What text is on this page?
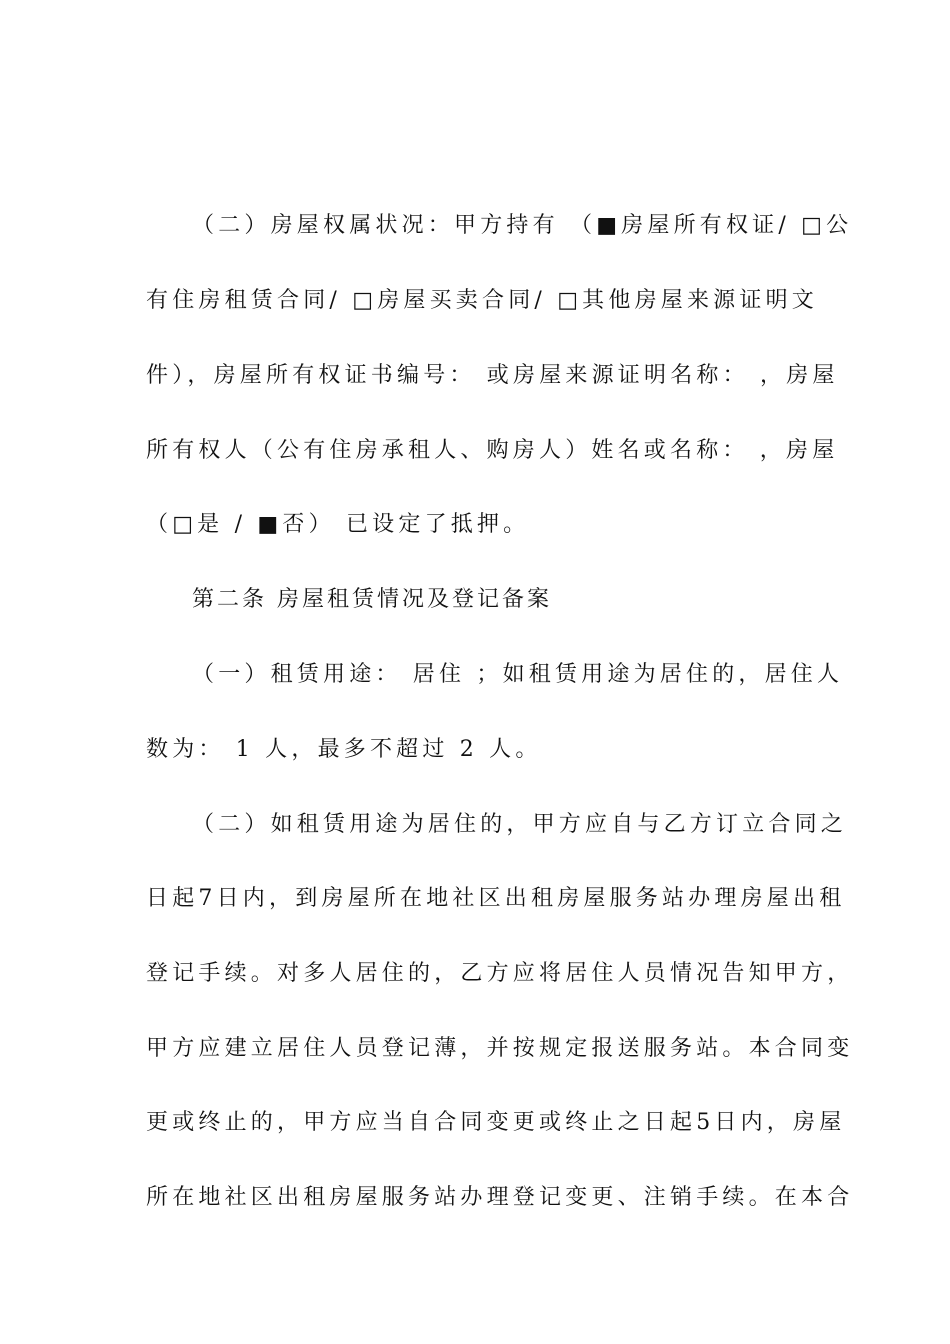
（二）房屋权属状况：甲方持有 （■房屋所有权证/ □公
有住房租赁合同/ □房屋买卖合同/ □其他房屋来源证明文
件），房屋所有权证书编号： 或房屋来源证明名称： ，房屋
所有权人（公有住房承租人、购房人）姓名或名称： ，房屋
（□是 / ■否） 已设定了抵押。
第二条 房屋租赁情况及登记备案
（一）租赁用途： 居住 ；如租赁用途为居住的，居住人
数为： 1 人，最多不超过 2 人。
（二）如租赁用途为居住的，甲方应自与乙方订立合同之
日起7日内，到房屋所在地社区出租房屋服务站办理房屋出租
登记手续。对多人居住的，乙方应将居住人员情况告知甲方，
甲方应建立居住人员登记薄，并按规定报送服务站。本合同变
更或终止的，甲方应当自合同变更或终止之日起5日内，房屋
所在地社区出租房屋服务站办理登记变更、注销手续。在本合
